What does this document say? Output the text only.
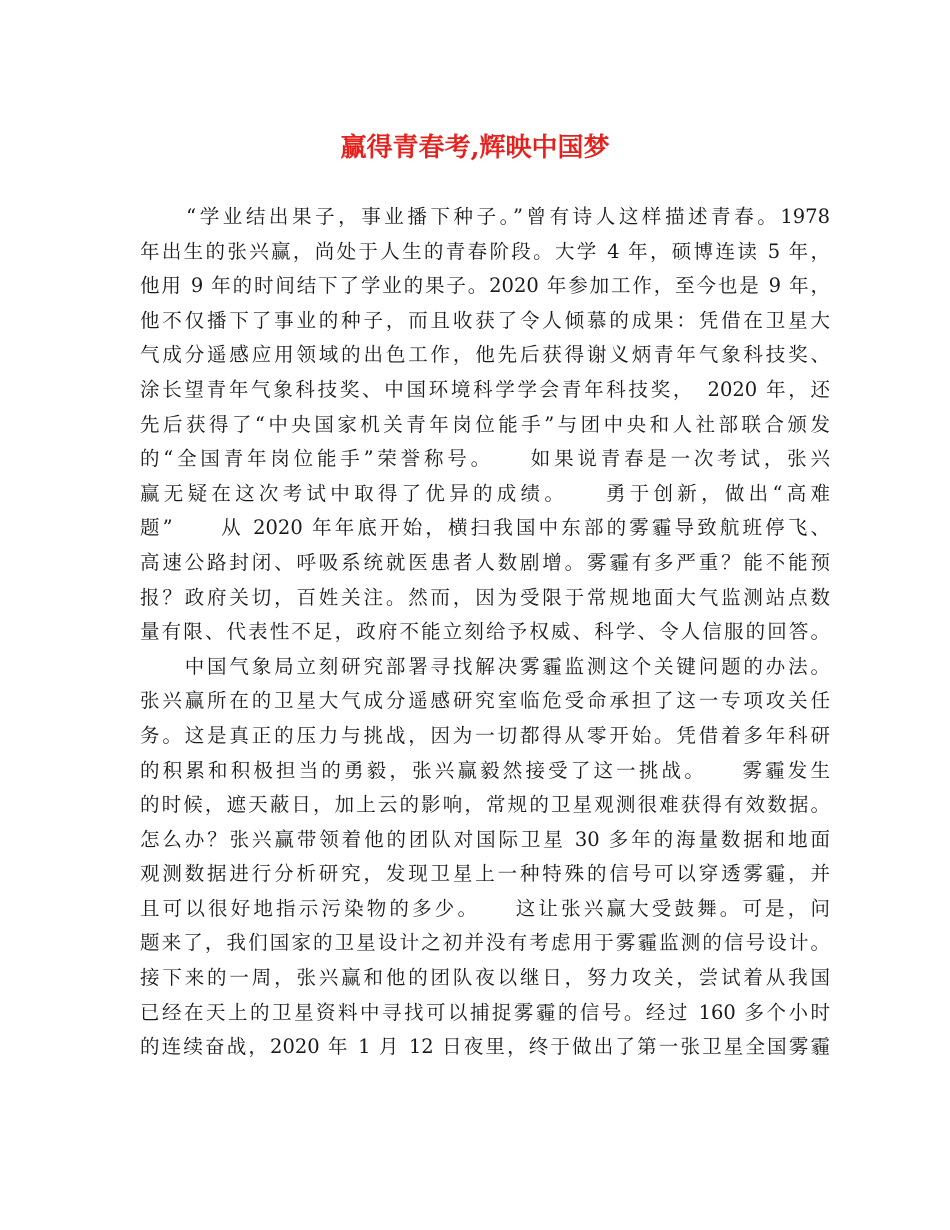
赢得青春考,辉映中国梦
　　“学业结出果子，事业播下种子。”曾有诗人这样描述青春。1978
年出生的张兴赢，尚处于人生的青春阶段。大学 4 年，硕博连读 5 年，
他用 9 年的时间结下了学业的果子。2020 年参加工作，至今也是 9 年，
他不仅播下了事业的种子，而且收获了令人倾慕的成果：凭借在卫星大
气成分遥感应用领域的出色工作，他先后获得谢义炳青年气象科技奖、
涂长望青年气象科技奖、中国环境科学学会青年科技奖，　2020 年，还
先后获得了“中央国家机关青年岗位能手”与团中央和人社部联合颁发
的“全国青年岗位能手”荣誉称号。　　如果说青春是一次考试，张兴
赢无疑在这次考试中取得了优异的成绩。　　勇于创新，做出“高难
题”　　从 2020 年年底开始，横扫我国中东部的雾霾导致航班停飞、
高速公路封闭、呼吸系统就医患者人数剧增。雾霾有多严重？能不能预
报？政府关切，百姓关注。然而，因为受限于常规地面大气监测站点数
量有限、代表性不足，政府不能立刻给予权威、科学、令人信服的回答。
　　中国气象局立刻研究部署寻找解决雾霾监测这个关键问题的办法。
张兴赢所在的卫星大气成分遥感研究室临危受命承担了这一专项攻关任
务。这是真正的压力与挑战，因为一切都得从零开始。凭借着多年科研
的积累和积极担当的勇毅，张兴赢毅然接受了这一挑战。　　雾霾发生
的时候，遮天蔽日，加上云的影响，常规的卫星观测很难获得有效数据。
怎么办？张兴赢带领着他的团队对国际卫星 30 多年的海量数据和地面
观测数据进行分析研究，发现卫星上一种特殊的信号可以穿透雾霾，并
且可以很好地指示污染物的多少。　　这让张兴赢大受鼓舞。可是，问
题来了，我们国家的卫星设计之初并没有考虑用于雾霾监测的信号设计。
接下来的一周，张兴赢和他的团队夜以继日，努力攻关，尝试着从我国
已经在天上的卫星资料中寻找可以捕捉雾霾的信号。经过 160 多个小时
的连续奋战，2020 年 1 月 12 日夜里，终于做出了第一张卫星全国雾霾
